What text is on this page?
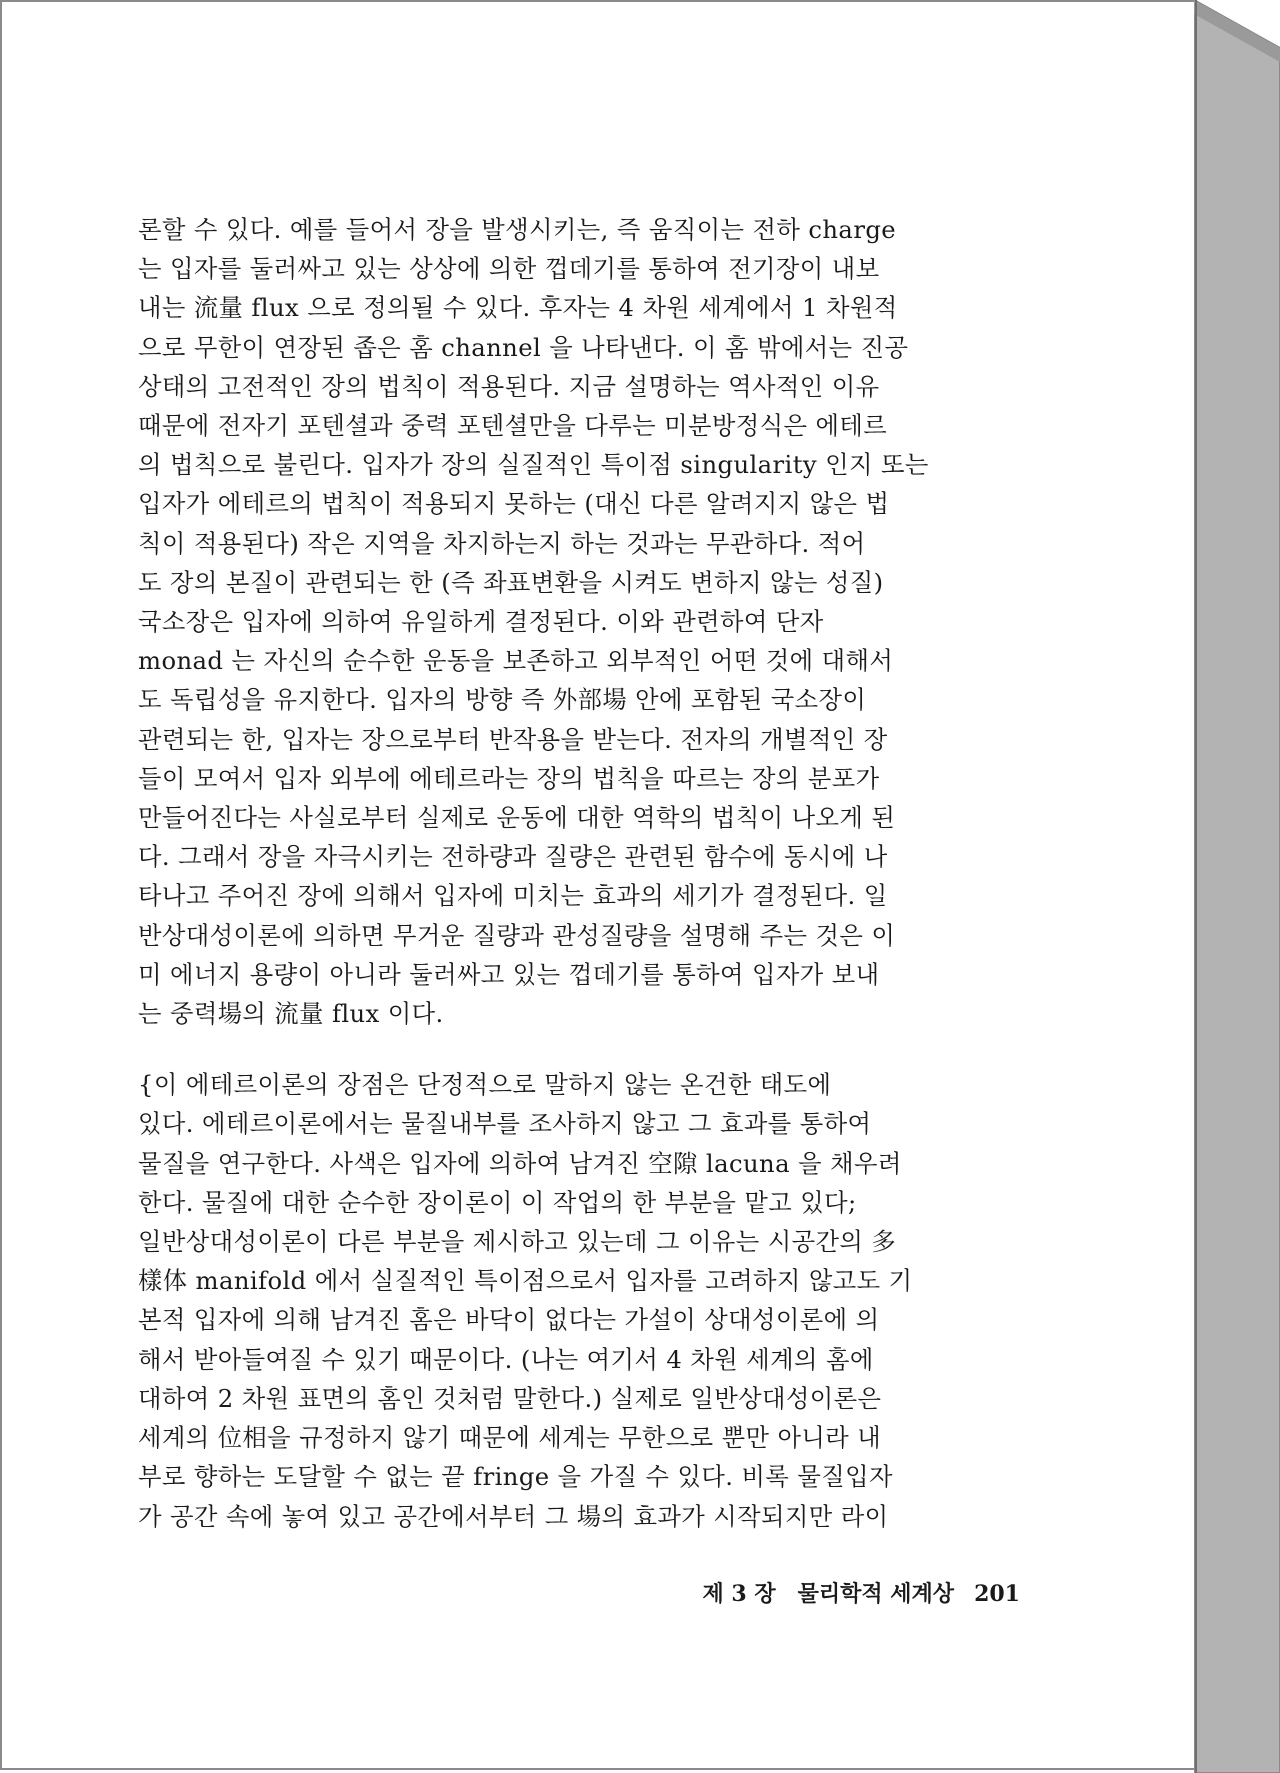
론할 수 있다. 예를 들어서 장을 발생시키는, 즉 움직이는 전하 charge
는 입자를 둘러싸고 있는 상상에 의한 껍데기를 통하여 전기장이 내보
내는 流量 flux 으로 정의될 수 있다. 후자는 4 차원 세계에서 1 차원적
으로 무한이 연장된 좁은 홈 channel 을 나타낸다. 이 홈 밖에서는 진공
상태의 고전적인 장의 법칙이 적용된다. 지금 설명하는 역사적인 이유
때문에 전자기 포텐셜과 중력 포텐셜만을 다루는 미분방정식은 에테르
의 법칙으로 불린다. 입자가 장의 실질적인 특이점 singularity 인지 또는
입자가 에테르의 법칙이 적용되지 못하는 (대신 다른 알려지지 않은 법
칙이 적용된다) 작은 지역을 차지하는지 하는 것과는 무관하다. 적어
도 장의 본질이 관련되는 한 (즉 좌표변환을 시켜도 변하지 않는 성질)
국소장은 입자에 의하여 유일하게 결정된다. 이와 관련하여 단자
monad 는 자신의 순수한 운동을 보존하고 외부적인 어떤 것에 대해서
도 독립성을 유지한다. 입자의 방향 즉 外部場 안에 포함된 국소장이
관련되는 한, 입자는 장으로부터 반작용을 받는다. 전자의 개별적인 장
들이 모여서 입자 외부에 에테르라는 장의 법칙을 따르는 장의 분포가
만들어진다는 사실로부터 실제로 운동에 대한 역학의 법칙이 나오게 된
다. 그래서 장을 자극시키는 전하량과 질량은 관련된 함수에 동시에 나
타나고 주어진 장에 의해서 입자에 미치는 효과의 세기가 결정된다. 일
반상대성이론에 의하면 무거운 질량과 관성질량을 설명해 주는 것은 이
미 에너지 용량이 아니라 둘러싸고 있는 껍데기를 통하여 입자가 보내
는 중력場의 流量 flux 이다.

{이 에테르이론의 장점은 단정적으로 말하지 않는 온건한 태도에
있다. 에테르이론에서는 물질내부를 조사하지 않고 그 효과를 통하여
물질을 연구한다. 사색은 입자에 의하여 남겨진 空隙 lacuna 을 채우려
한다. 물질에 대한 순수한 장이론이 이 작업의 한 부분을 맡고 있다;
일반상대성이론이 다른 부분을 제시하고 있는데 그 이유는 시공간의 多
樣体 manifold 에서 실질적인 특이점으로서 입자를 고려하지 않고도 기
본적 입자에 의해 남겨진 홈은 바닥이 없다는 가설이 상대성이론에 의
해서 받아들여질 수 있기 때문이다. (나는 여기서 4 차원 세계의 홈에
대하여 2 차원 표면의 홈인 것처럼 말한다.) 실제로 일반상대성이론은
세계의 位相을 규정하지 않기 때문에 세계는 무한으로 뿐만 아니라 내
부로 향하는 도달할 수 없는 끝 fringe 을 가질 수 있다. 비록 물질입자
가 공간 속에 놓여 있고 공간에서부터 그 場의 효과가 시작되지만 라이

제 3 장 물리학적 세계상 201
